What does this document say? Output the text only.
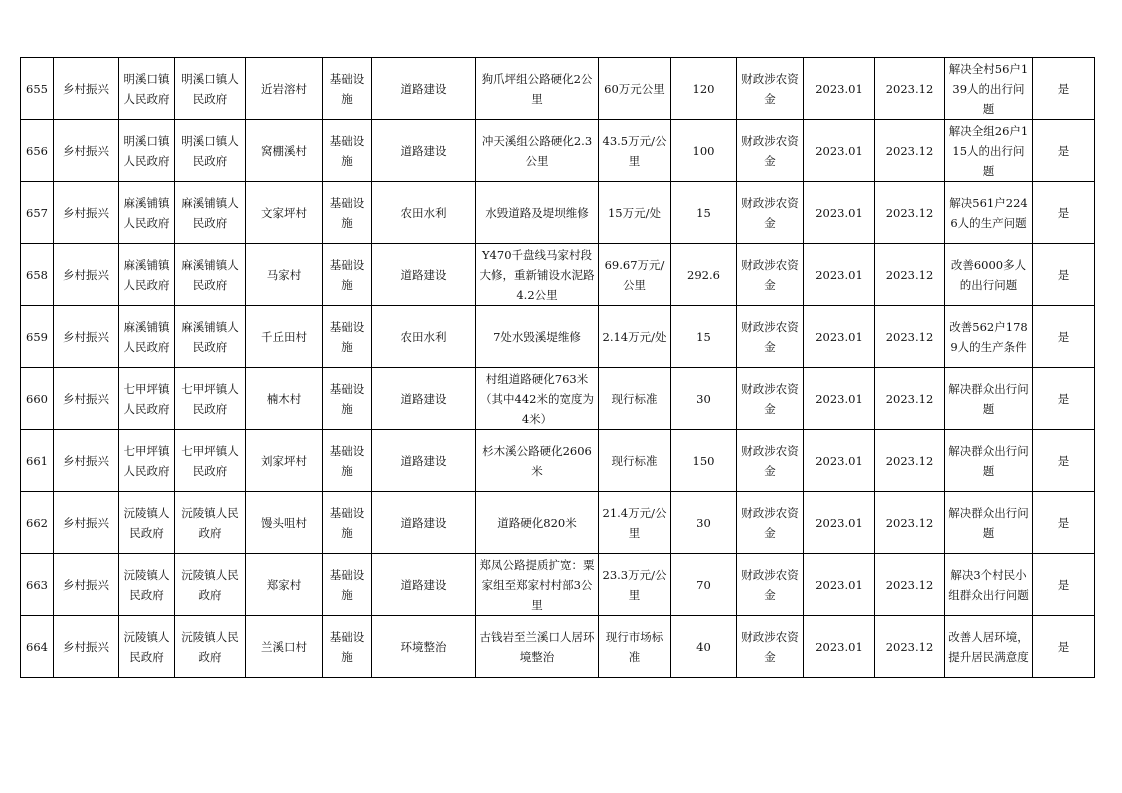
655	乡村振兴	明溪口镇人民政府	明溪口镇人民政府	近岩溶村	基础设施	道路建设	狗爪坪组公路硬化2公里	60万元公里	120	财政涉农资金	2023.01	2023.12	解决全村56户139人的出行问题	是
656	乡村振兴	明溪口镇人民政府	明溪口镇人民政府	窝棚溪村	基础设施	道路建设	冲天溪组公路硬化2.3公里	43.5万元/公里	100	财政涉农资金	2023.01	2023.12	解决全组26户115人的出行问题	是
657	乡村振兴	麻溪铺镇人民政府	麻溪铺镇人民政府	文家坪村	基础设施	农田水利	水毁道路及堤坝维修	15万元/处	15	财政涉农资金	2023.01	2023.12	解决561户2246人的生产问题	是
658	乡村振兴	麻溪铺镇人民政府	麻溪铺镇人民政府	马家村	基础设施	道路建设	Y470千盘线马家村段大修，重新铺设水泥路4.2公里	69.67万元/公里	292.6	财政涉农资金	2023.01	2023.12	改善6000多人的出行问题	是
659	乡村振兴	麻溪铺镇人民政府	麻溪铺镇人民政府	千丘田村	基础设施	农田水利	7处水毁溪堤维修	2.14万元/处	15	财政涉农资金	2023.01	2023.12	改善562户1789人的生产条件	是
660	乡村振兴	七甲坪镇人民政府	七甲坪镇人民政府	楠木村	基础设施	道路建设	村组道路硬化763米（其中442米的宽度为4米）	现行标准	30	财政涉农资金	2023.01	2023.12	解决群众出行问题	是
661	乡村振兴	七甲坪镇人民政府	七甲坪镇人民政府	刘家坪村	基础设施	道路建设	杉木溪公路硬化2606米	现行标准	150	财政涉农资金	2023.01	2023.12	解决群众出行问题	是
662	乡村振兴	沅陵镇人民政府	沅陵镇人民政府	馒头咀村	基础设施	道路建设	道路硬化820米	21.4万元/公里	30	财政涉农资金	2023.01	2023.12	解决群众出行问题	是
663	乡村振兴	沅陵镇人民政府	沅陵镇人民政府	郑家村	基础设施	道路建设	郑凤公路提质扩宽：粟家组至郑家村村部3公里	23.3万元/公里	70	财政涉农资金	2023.01	2023.12	解决3个村民小组群众出行问题	是
664	乡村振兴	沅陵镇人民政府	沅陵镇人民政府	兰溪口村	基础设施	环境整治	古钱岩至兰溪口人居环境整治	现行市场标准	40	财政涉农资金	2023.01	2023.12	改善人居环境，提升居民满意度	是
